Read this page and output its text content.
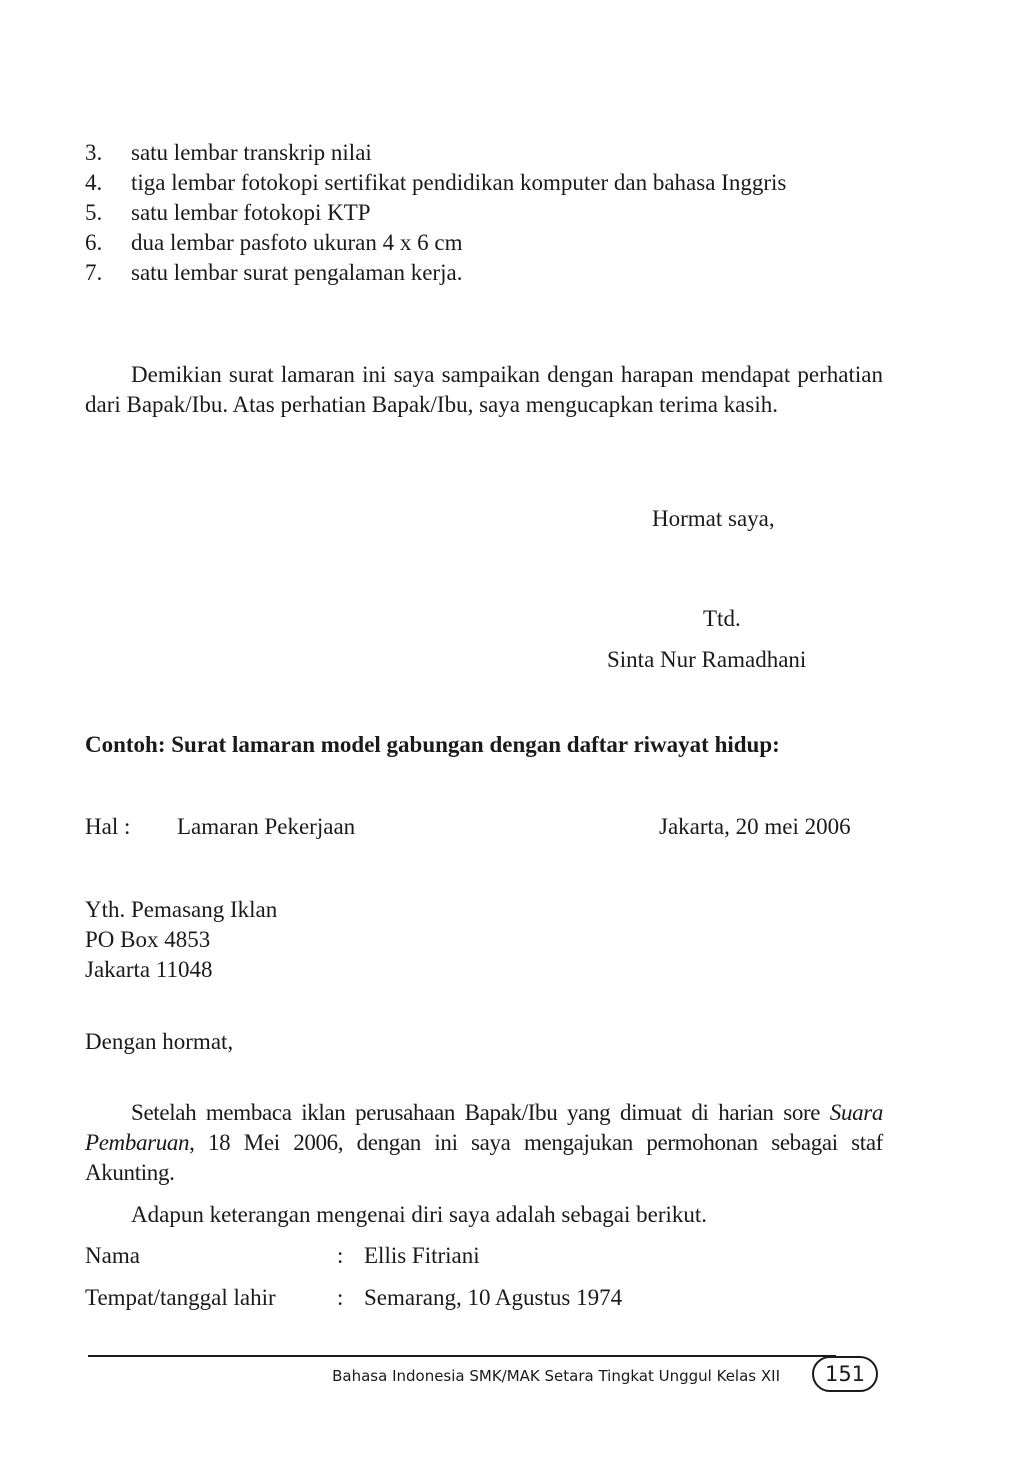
3. satu lembar transkrip nilai
4. tiga lembar fotokopi sertifikat pendidikan komputer dan bahasa Inggris
5. satu lembar fotokopi KTP
6. dua lembar pasfoto ukuran 4 x 6 cm
7. satu lembar surat pengalaman kerja.

Demikian surat lamaran ini saya sampaikan dengan harapan mendapat perhatian dari Bapak/Ibu. Atas perhatian Bapak/Ibu, saya mengucapkan terima kasih.

Hormat saya,
Ttd.
Sinta Nur Ramadhani
Contoh: Surat lamaran model gabungan dengan daftar riwayat hidup:
Hal : Lamaran Pekerjaan	Jakarta, 20 mei 2006
Yth. Pemasang Iklan
PO Box 4853
Jakarta 11048
Dengan hormat,

Setelah membaca iklan perusahaan Bapak/Ibu yang dimuat di harian sore Suara Pembaruan, 18 Mei 2006, dengan ini saya mengajukan permohonan sebagai staf Akunting.

Adapun keterangan mengenai diri saya adalah sebagai berikut.
Nama	: Ellis Fitriani
Tempat/tanggal lahir	: Semarang, 10 Agustus 1974
Bahasa Indonesia SMK/MAK Setara Tingkat Unggul Kelas XII	151
